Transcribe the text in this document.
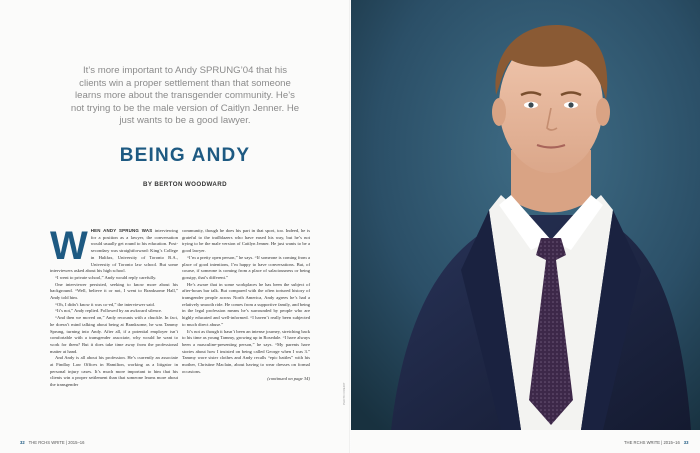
It’s more important to Andy SPRUNG’04 that his clients win a proper settlement than that someone learns more about the transgender community. He’s not trying to be the male version of Caitlyn Jenner. He just wants to be a good lawyer.
BEING ANDY
BY BERTON WOODWARD

WHEN ANDY SPRUNG WAS interviewing for a position as a lawyer, the conversation would usually get round to his education. Post-secondary was straightforward: King’s College in Halifax, University of Toronto B.A., University of Toronto law school. But some interviewers asked about his high school.

“I went to private school,” Andy would reply carefully.

One interviewer persisted, seeking to know more about his background. “Well, believe it or not, I went to Branksome Hall,” Andy told him.

“Oh, I didn’t know it was co-ed,” the interviewer said.

“It’s not,” Andy replied. Followed by an awkward silence.

“And then we moved on,” Andy recounts with a chuckle. In fact, he doesn’t mind talking about being at Branksome, he was Tammy Sprung, turning into Andy. After all, if a potential employer isn’t comfortable with a transgender associate, why would he want to work for them? But it does take time away from the professional matter at hand.

And Andy is all about his profession. He’s currently an associate at Findlay Law Offices in Hamilton, working as a litigator in personal injury cases. It’s much more important to him that his clients win a proper settlement than that someone learns more about the transgender

community, though he does his part in that sport, too. Indeed, he is grateful to the trailblazers who have eased his way, but he’s not trying to be the male version of Caitlyn Jenner. He just wants to be a good lawyer.

“I’m a pretty open person,” he says. “If someone is coming from a place of good intentions, I’m happy to have conversations. But, of course, if someone is coming from a place of salaciousness or being gossipy, that’s different.”

He’s aware that in some workplaces he has been the subject of after-hours bar talk. But compared with the often tortured history of transgender people across North America, Andy agrees he’s had a relatively smooth ride. He comes from a supportive family, and being in the legal profession means he’s surrounded by people who are highly educated and well-informed. “I haven’t really been subjected to much direct abuse.”

It’s not as though it hasn’t been an intense journey, stretching back to his time as young Tammy, growing up in Rosedale. “I have always been a masculine-presenting person,” he says. “My parents have stories about how I insisted on being called George when I was 3.” Tammy wore sister clothes and Andy recalls “epic battles” with his mother, Christine Maclain, about having to wear dresses on formal occasions.

(continued on page 34)

32 THE RCHS WRITE | 2015–16	THE RCHS WRITE | 2015–16 33
PHOTO CREDIT
